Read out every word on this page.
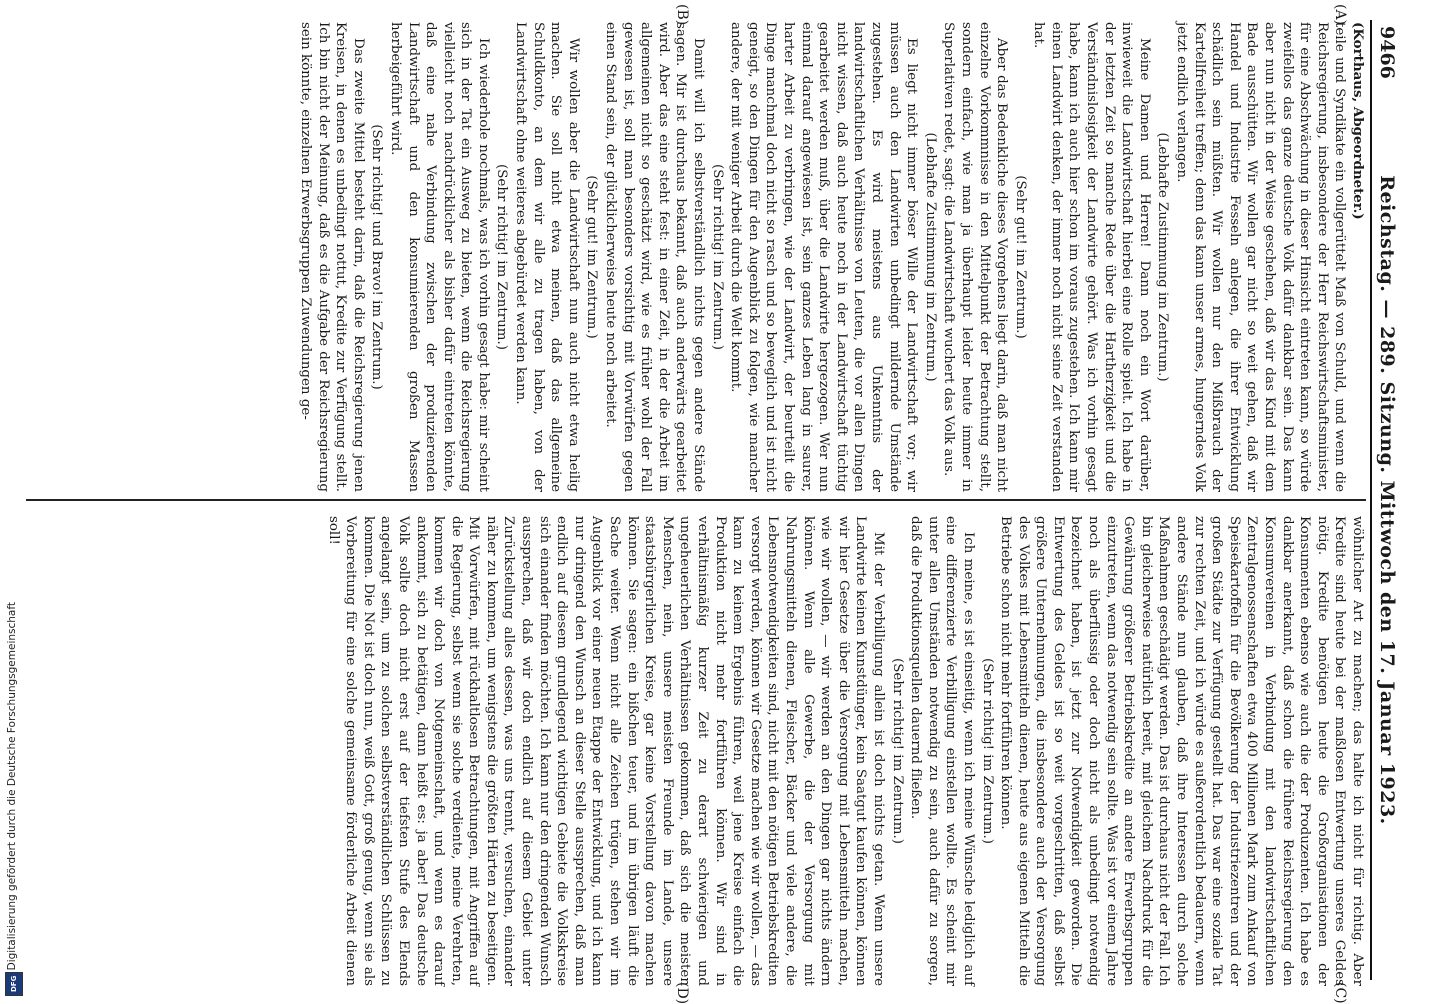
9466
Reichstag. — 289. Sitzung. Mittwoch den 17. Januar 1923.
(A)
(B)
(C)
(D)

(Korthaus, Abgeordneter.)

teile und Syndikate ein vollgerüttelt Maß von Schuld, und wenn die Reichsregierung, insbesondere der Herr Reichswirtschaftsminister, für eine Abschwächung in dieser Hinsicht eintreten kann, so würde zweifellos das ganze deutsche Volk dafür dankbar sein. Das kann aber nun nicht in der Weise geschehen, daß wir das Kind mit dem Bade ausschütten. Wir wollen gar nicht so weit gehen, daß wir Handel und Industrie Fesseln anlegen, die ihrer Entwicklung schädlich sein müßten. Wir wollen nur den Mißbrauch der Kartellfreiheit treffen; denn das kann unser armes, hungerndes Volk jetzt endlich verlangen.

(Lebhafte Zustimmung im Zentrum.)

Meine Damen und Herren! Dann noch ein Wort darüber, inwieweit die Landwirtschaft hierbei eine Rolle spielt. Ich habe in der letzten Zeit so manche Rede über die Hartherzigkeit und die Verständnislosigkeit der Landwirte gehört. Was ich vorhin gesagt habe, kann ich auch hier schon im voraus zugestehen. Ich kann mir einen Landwirt denken, der immer noch nicht seine Zeit verstanden hat.

(Sehr gut! im Zentrum.)

Aber das Bedenkliche dieses Vorgehens liegt darin, daß man nicht einzelne Vorkommnisse in den Mittelpunkt der Betrachtung stellt, sondern einfach, wie man ja überhaupt leider heute immer in Superlativen redet, sagt: die Landwirtschaft wuchert das Volk aus.

(Lebhafte Zustimmung im Zentrum.)

Es liegt nicht immer böser Wille der Landwirtschaft vor; wir müssen auch den Landwirten unbedingt mildernde Umstände zugestehen. Es wird meistens aus Unkenntnis der landwirtschaftlichen Verhältnisse von Leuten, die vor allen Dingen nicht wissen, daß auch heute noch in der Landwirtschaft tüchtig gearbeitet werden muß, über die Landwirte hergezogen. Wer nun einmal darauf angewiesen ist, sein ganzes Leben lang in saurer, harter Arbeit zu verbringen, wie der Landwirt, der beurteilt die Dinge manchmal doch nicht so rasch und so beweglich und ist nicht geneigt, so den Dingen für den Augenblick zu folgen, wie mancher andere, der mit weniger Arbeit durch die Welt kommt.

(Sehr richtig! im Zentrum.)

Damit will ich selbstverständlich nichts gegen andere Stände sagen. Mir ist durchaus bekannt, daß auch anderwärts gearbeitet wird. Aber das eine steht fest: in einer Zeit, in der die Arbeit im allgemeinen nicht so geschätzt wird, wie es früher wohl der Fall gewesen ist, soll man besonders vorsichtig mit Vorwürfen gegen einen Stand sein, der glücklicherweise heute noch arbeitet.

(Sehr gut! im Zentrum.)

Wir wollen aber die Landwirtschaft nun auch nicht etwa heilig machen. Sie soll nicht etwa meinen, daß das allgemeine Schuldkonto, an dem wir alle zu tragen haben, von der Landwirtschaft ohne weiteres abgebürdet werden kann.

(Sehr richtig! im Zentrum.)

Ich wiederhole nochmals, was ich vorhin gesagt habe: mir scheint sich in der Tat ein Ausweg zu bieten, wenn die Reichsregierung vielleicht noch nachdrücklicher als bisher dafür eintreten könnte, daß eine nahe Verbindung zwischen der produzierenden Landwirtschaft und den konsumierenden großen Massen herbeigeführt wird.

(Sehr richtig! und Bravo! im Zentrum.)

Das zweite Mittel besteht darin, daß die Reichsregierung jenen Kreisen, in denen es unbedingt nottut, Kredite zur Verfügung stellt. Ich bin nicht der Meinung, daß es die Aufgabe der Reichsregierung sein könnte, einzelnen Erwerbsgruppen Zuwendungen ge-

wöhnlicher Art zu machen; das halte ich nicht für richtig. Aber Kredite sind heute bei der maßlosen Entwertung unseres Geldes nötig. Kredite benötigen heute die Großorganisationen der Konsumenten ebenso wie auch die der Produzenten. Ich habe es dankbar anerkannt, daß schon die frühere Reichsregierung den Konsumvereinen in Verbindung mit den landwirtschaftlichen Zentralgenossenschaften etwa 400 Millionen Mark zum Ankauf von Speisekartoffeln für die Bevölkerung der Industriezentren und der großen Städte zur Verfügung gestellt hat. Das war eine soziale Tat zur rechten Zeit, und ich würde es außerordentlich bedauern, wenn andere Stände nun glauben, daß ihre Interessen durch solche Maßnahmen geschädigt werden. Das ist durchaus nicht der Fall. Ich bin gleicherweise natürlich bereit, mit gleichem Nachdruck für die Gewährung größerer Betriebskredite an andere Erwerbsgruppen einzutreten, wenn das notwendig sein sollte. Was ist vor einem Jahre noch als überflüssig oder doch nicht als unbedingt notwendig bezeichnet haben, ist jetzt zur Notwendigkeit geworden. Die Entwertung des Geldes ist so weit vorgeschritten, daß selbst größere Unternehmungen, die insbesondere auch der Versorgung des Volkes mit Lebensmitteln dienen, heute aus eigenen Mitteln die Betriebe schon nicht mehr fortführen können.

(Sehr richtig! im Zentrum.)

Ich meine, es ist einseitig, wenn ich meine Wünsche lediglich auf eine differenzierte Verbilligung einstellen wollte. Es scheint mir unter allen Umständen notwendig zu sein, auch dafür zu sorgen, daß die Produktionsquellen dauernd fließen.

(Sehr richtig! im Zentrum.)

Mit der Verbilligung allein ist doch nichts getan. Wenn unsere Landwirte keinen Kunstdünger, kein Saatgut kaufen können, können wir hier Gesetze über die Versorgung mit Lebensmitteln machen, wie wir wollen, — wir werden an den Dingen gar nichts ändern können. Wenn alle Gewerbe, die der Versorgung mit Nahrungsmitteln dienen, Fleischer, Bäcker und viele andere, die Lebensnotwendigkeiten sind, nicht mit den nötigen Betriebskrediten versorgt werden, können wir Gesetze machen wie wir wollen, — das kann zu keinem Ergebnis führen, weil jene Kreise einfach die Produktion nicht mehr fortführen können. Wir sind in verhältnismäßig kurzer Zeit zu derart schwierigen und ungeheuerlichen Verhältnissen gekommen, daß sich die meisten Menschen, nein, unsere meisten Freunde im Lande, unsere staatsbürgerlichen Kreise, gar keine Vorstellung davon machen können. Sie sagen: ein bißchen teuer, und im übrigen läuft die Sache weiter. Wenn nicht alle Zeichen trügen, stehen wir im Augenblick vor einer neuen Etappe der Entwicklung, und ich kann nur dringend den Wunsch an dieser Stelle aussprechen, daß man endlich auf diesem grundlegend wichtigen Gebiete die Volkskreise sich einander finden möchten. Ich kann nur den dringenden Wunsch aussprechen, daß wir doch endlich auf diesem Gebiet unter Zurückstellung alles dessen, was uns trennt, versuchen, einander näher zu kommen, um wenigstens die größten Härten zu beseitigen. Mit Vorwürfen, mit rückhaltlosen Betrachtungen, mit Angriffen auf die Regierung, selbst wenn sie solche verdiente, meine Verehrten, kommen wir doch von Notgemeinschaft, und wenn es darauf ankommt, sich zu betätigen, dann heißt es: ja aber! Das deutsche Volk sollte doch nicht erst auf der tiefsten Stufe des Elends angelangt sein, um zu solchen selbstverständlichen Schlüssen zu kommen. Die Not ist doch nun, weiß Gott, groß genug, wenn sie als Vorbereitung für eine solche gemeinsame förderliche Arbeit dienen soll!

Digitalisierung gefördert durch die Deutsche Forschungsgemeinschaft
DFG
